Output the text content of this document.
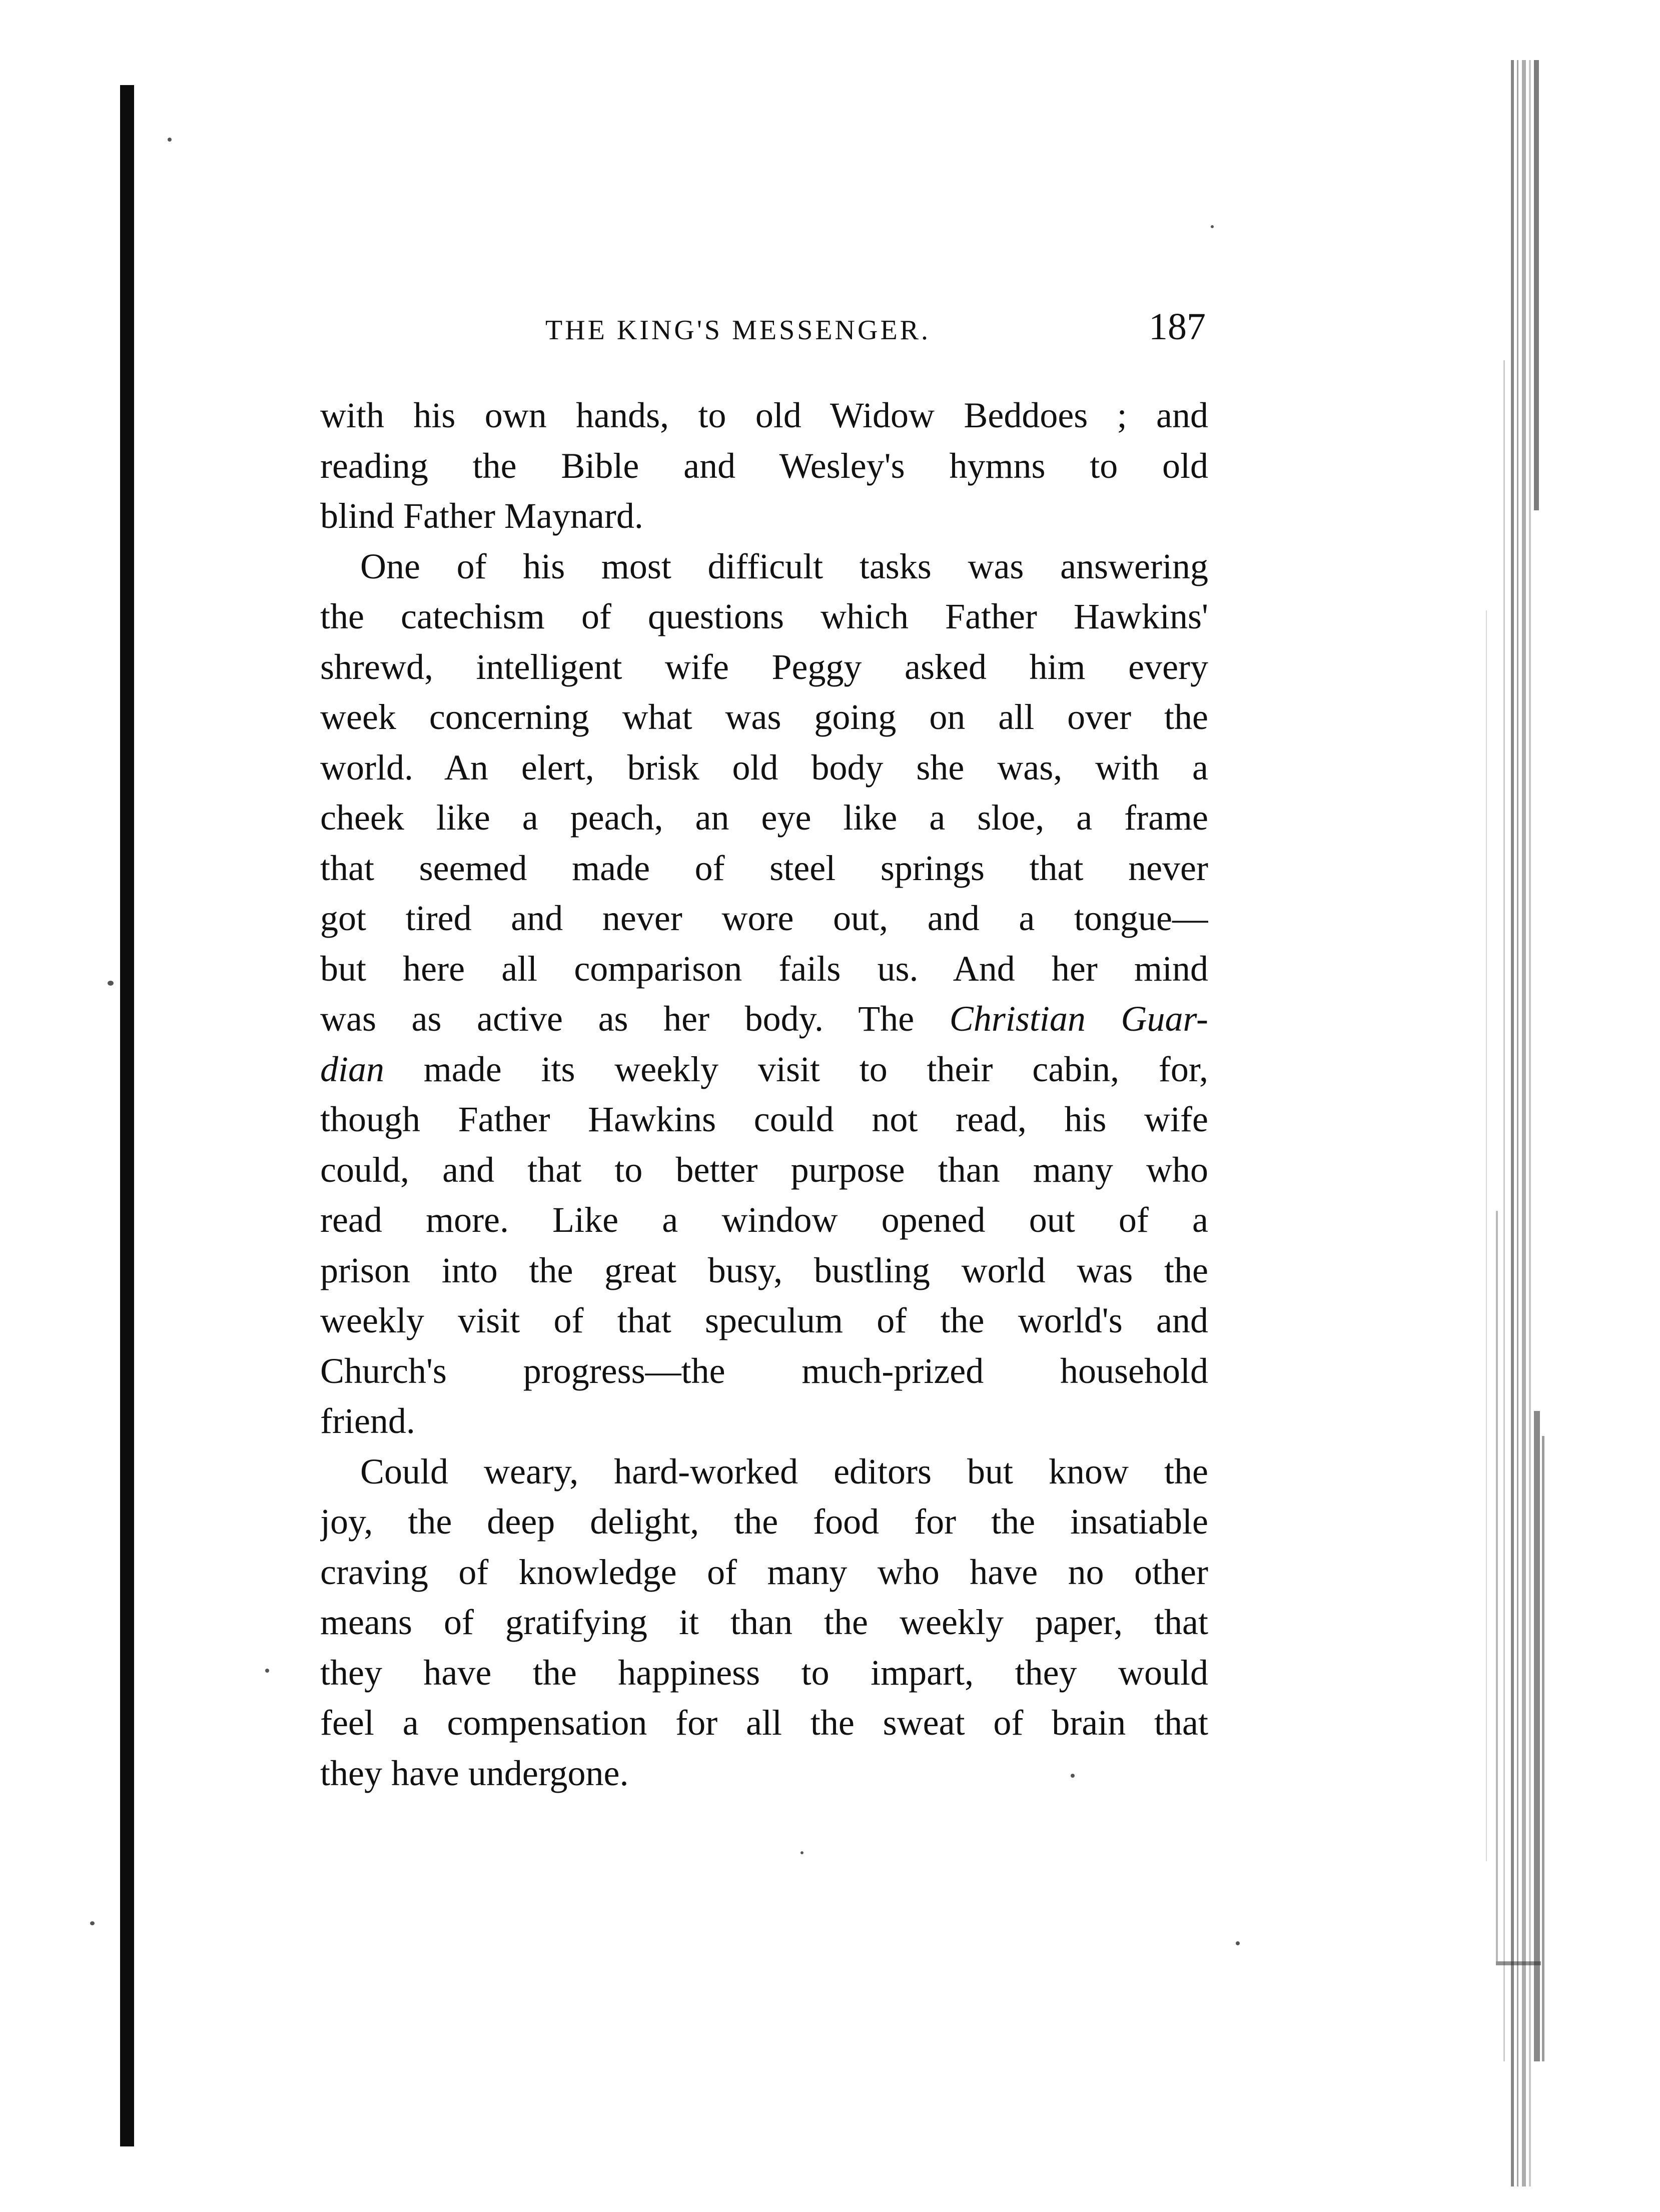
THE KING'S MESSENGER.	187
with his own hands, to old Widow Beddoes ; and
reading the Bible and Wesley's hymns to old
blind Father Maynard.
One of his most difficult tasks was answering
the catechism of questions which Father Hawkins'
shrewd, intelligent wife Peggy asked him every
week concerning what was going on all over the
world. An elert, brisk old body she was, with a
cheek like a peach, an eye like a sloe, a frame
that seemed made of steel springs that never
got tired and never wore out, and a tongue—
but here all comparison fails us. And her mind
was as active as her body. The Christian Guar-
dian made its weekly visit to their cabin, for,
though Father Hawkins could not read, his wife
could, and that to better purpose than many who
read more. Like a window opened out of a
prison into the great busy, bustling world was the
weekly visit of that speculum of the world's and
Church's progress—the much-prized household
friend.
Could weary, hard-worked editors but know the
joy, the deep delight, the food for the insatiable
craving of knowledge of many who have no other
means of gratifying it than the weekly paper, that
they have the happiness to impart, they would
feel a compensation for all the sweat of brain that
they have undergone.
